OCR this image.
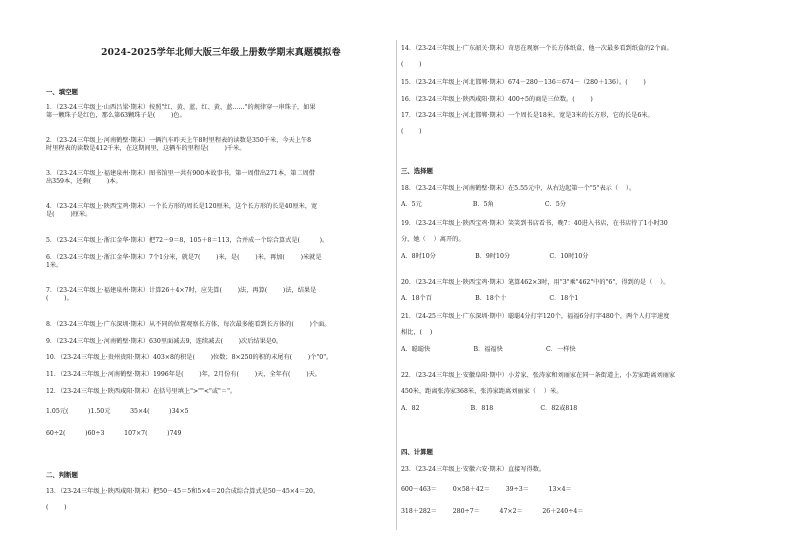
2024-2025学年北师大版三年级上册数学期末真题模拟卷

一、填空题

1．（23-24三年级上·山西吕梁·期末）按照"红、黄、蓝、红、黄、蓝……"的规律穿一串珠子，如果
第一颗珠子是红色，那么第63颗珠子是(        )色。
2．（23-24三年级上·河南鹤壁·期末）一辆汽车昨天上午8时里程表的读数是350千米，今天上午8
时里程表的读数是412千米，在这期间里，这辆车的里程是(        )千米。
3．（23-24三年级上·福建泉州·期末）图书馆里一共有900本故事书，第一周借出271本，第二周借
出359本，还剩(        )本。
4．（23-24三年级上·陕西宝鸡·期末）一个长方形的周长是120厘米，这个长方形的长是40厘米，宽
是(        )厘米。
5．（23-24三年级上·浙江金华·期末）把72－9＝8，105＋8＝113，合并成一个综合算式是(          )。
6．（23-24三年级上·浙江金华·期末）7个1分米，就是7(        )米，是(        )米，再加(        )米就是
1米。
7．（23-24三年级上·福建泉州·期末）计算26＋4×7时，应先算(        )法，再算(        )法，结果是
(        )。
8．（23-24三年级上·广东深圳·期末）从不同的位置观察长方体，每次最多能看到长方体的(        )个面。
9．（23-24三年级上·河南鹤壁·期末）630里面减去9，连续减去(        )次后结果是0。
10．（23-24三年级上·贵州贵阳·期末）403×8的积是(        )位数；8×250的积的末尾有(        )个"0"。
11．（23-24三年级上·河南鹤壁·期末）1996年是(        )年，2月份有(        )天，全年有(        )天。
12．（23-24三年级上·陕西咸阳·期末）在括号里填上">""<"或"＝"。
1.05元(          )1.50元          35×4(          )34×5
60÷2(          )60÷3          107×7(          )749

二、判断题

13．（23-24三年级上·陕西咸阳·期末）把50－45＝5和5×4＝20合成综合算式是50－45×4＝20。
(        )
14．（23-24三年级上·广东韶关·期末）奇思在观察一个长方体纸盒，他一次最多看到纸盒的2个面。
(        )
15．（23-24三年级上·河北邯郸·期末）674－280－136＝674－（280＋136）。(        )
16．（23-24三年级上·陕西咸阳·期末）400÷5的商是三位数。(        )
17．（23-24三年级上·河北邯郸·期末）一个周长是18米，宽是3米的长方形，它的长是6米。
(        )

三、选择题

18．（23-24三年级上·河南鹤壁·期末）在5.55元中，从右边起第一个"5"表示（    ）。
A．5元                          B．5角                          C．5分
19．（23-24三年级上·陕西宝鸡·期末）笑笑到书店看书，晚7：40进入书店，在书店待了1小时30
分，她（    ）离开的。
A．8时10分                    B．9时10分                    C．10时10分
20．（23-24三年级上·陕西宝鸡·期末）笔算462×3时，用"3"乘"462"中的"6"，得到的是（    ）。
A．18个百                      B．18个十                      C．18个1
21．（24-25三年级上·广东深圳·期中）聪聪4分打字120个，福福6分打字480个，两个人打字速度
相比，(    )
A．聪聪快                      B．福福快                      C．一样快
22．（23-24三年级上·安徽阜阳·期中）小芳家、张涛家和刘丽家在同一条街道上，小芳家距离刘丽家
450米，距离张涛家368米，张涛家距离刘丽家（    ）米。
A．82                          B．818                        C．82或818

四、计算题

23．（23-24三年级上·安徽六安·期末）直接写得数。
600－463＝        0×58＋42＝        39÷3＝          13×4＝
318＋282＝        280÷7＝          47×2＝          26＋240÷4＝
